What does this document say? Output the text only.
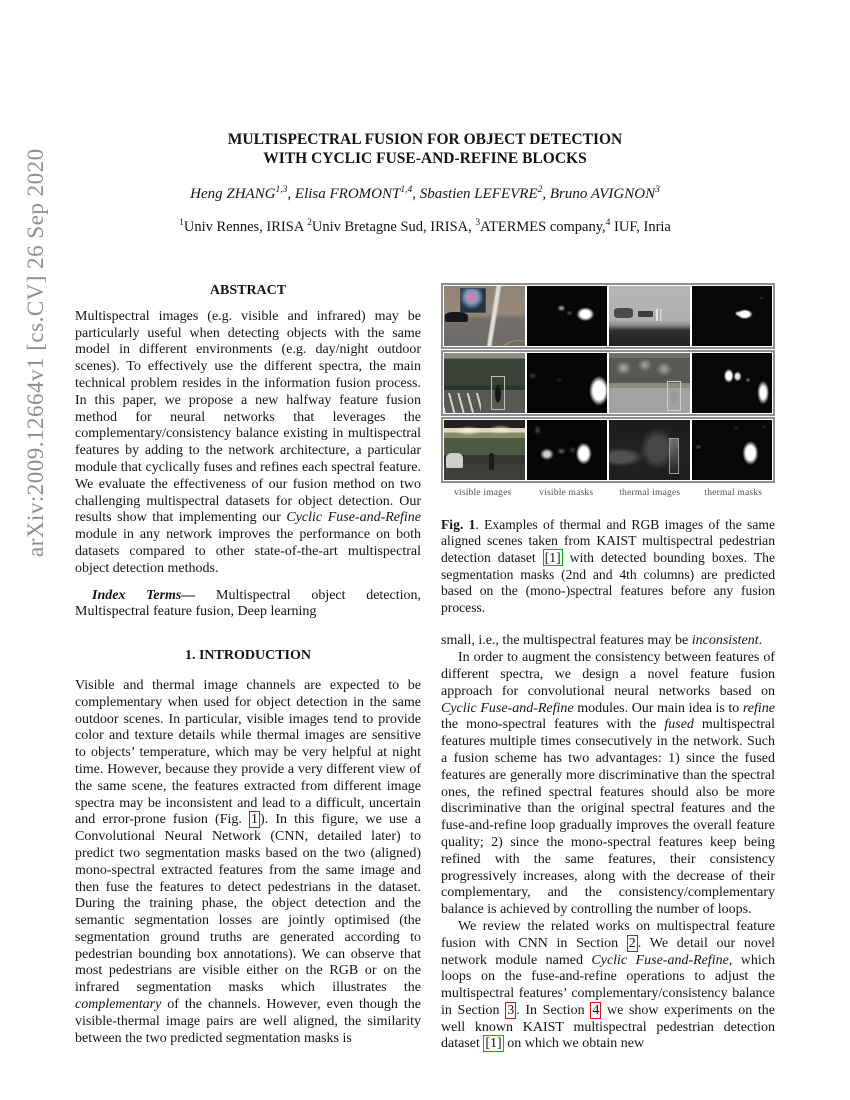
arXiv:2009.12664v1 [cs.CV] 26 Sep 2020
MULTISPECTRAL FUSION FOR OBJECT DETECTION
WITH CYCLIC FUSE-AND-REFINE BLOCKS
Heng ZHANG$^{1,3}$, Elisa FROMONT$^{1,4}$, Sbastien LEFEVRE$^2$, Bruno AVIGNON$^3$
$^1$Univ Rennes, IRISA $^2$Univ Bretagne Sud, IRISA, $^3$ATERMES company,$^4$ IUF, Inria
ABSTRACT

Multispectral images (e.g. visible and infrared) may be particularly useful when detecting objects with the same model in different environments (e.g. day/night outdoor scenes). To effectively use the different spectra, the main technical problem resides in the information fusion process. In this paper, we propose a new halfway feature fusion method for neural networks that leverages the complementary/consistency balance existing in multispectral features by adding to the network architecture, a particular module that cyclically fuses and refines each spectral feature. We evaluate the effectiveness of our fusion method on two challenging multispectral datasets for object detection. Our results show that implementing our Cyclic Fuse-and-Refine module in any network improves the performance on both datasets compared to other state-of-the-art multispectral object detection methods.

Index Terms— Multispectral object detection, Multispectral feature fusion, Deep learning

1. INTRODUCTION

Visible and thermal image channels are expected to be complementary when used for object detection in the same outdoor scenes. In particular, visible images tend to provide color and texture details while thermal images are sensitive to objects’ temperature, which may be very helpful at night time. However, because they provide a very different view of the same scene, the features extracted from different image spectra may be inconsistent and lead to a difficult, uncertain and error-prone fusion (Fig. 1 ). In this figure, we use a Convolutional Neural Network (CNN, detailed later) to predict two segmentation masks based on the two (aligned) mono-spectral extracted features from the same image and then fuse the features to detect pedestrians in the dataset. During the training phase, the object detection and the semantic segmentation losses are jointly optimised (the segmentation ground truths are generated according to pedestrian bounding box annotations). We can observe that most pedestrians are visible either on the RGB or on the infrared segmentation masks which illustrates the complementary of the channels. However, even though the visible-thermal image pairs are well aligned, the similarity between the two predicted segmentation masks is

visible images	visible masks	thermal images	thermal masks

Fig. 1. Examples of thermal and RGB images of the same aligned scenes taken from KAIST multispectral pedestrian detection dataset [1] with detected bounding boxes. The segmentation masks (2nd and 4th columns) are predicted based on the (mono-)spectral features before any fusion process.

small, i.e., the multispectral features may be inconsistent.

In order to augment the consistency between features of different spectra, we design a novel feature fusion approach for convolutional neural networks based on Cyclic Fuse-and-Refine modules. Our main idea is to refine the mono-spectral features with the fused multispectral features multiple times consecutively in the network. Such a fusion scheme has two advantages: 1) since the fused features are generally more discriminative than the spectral ones, the refined spectral features should also be more discriminative than the original spectral features and the fuse-and-refine loop gradually improves the overall feature quality; 2) since the mono-spectral features keep being refined with the same features, their consistency progressively increases, along with the decrease of their complementary, and the consistency/complementary balance is achieved by controlling the number of loops.

We review the related works on multispectral feature fusion with CNN in Section 2 . We detail our novel network module named Cyclic Fuse-and-Refine, which loops on the fuse-and-refine operations to adjust the multispectral features’ complementary/consistency balance in Section 3 . In Section 4 we show experiments on the well known KAIST multispectral pedestrian detection dataset [1] on which we obtain new
